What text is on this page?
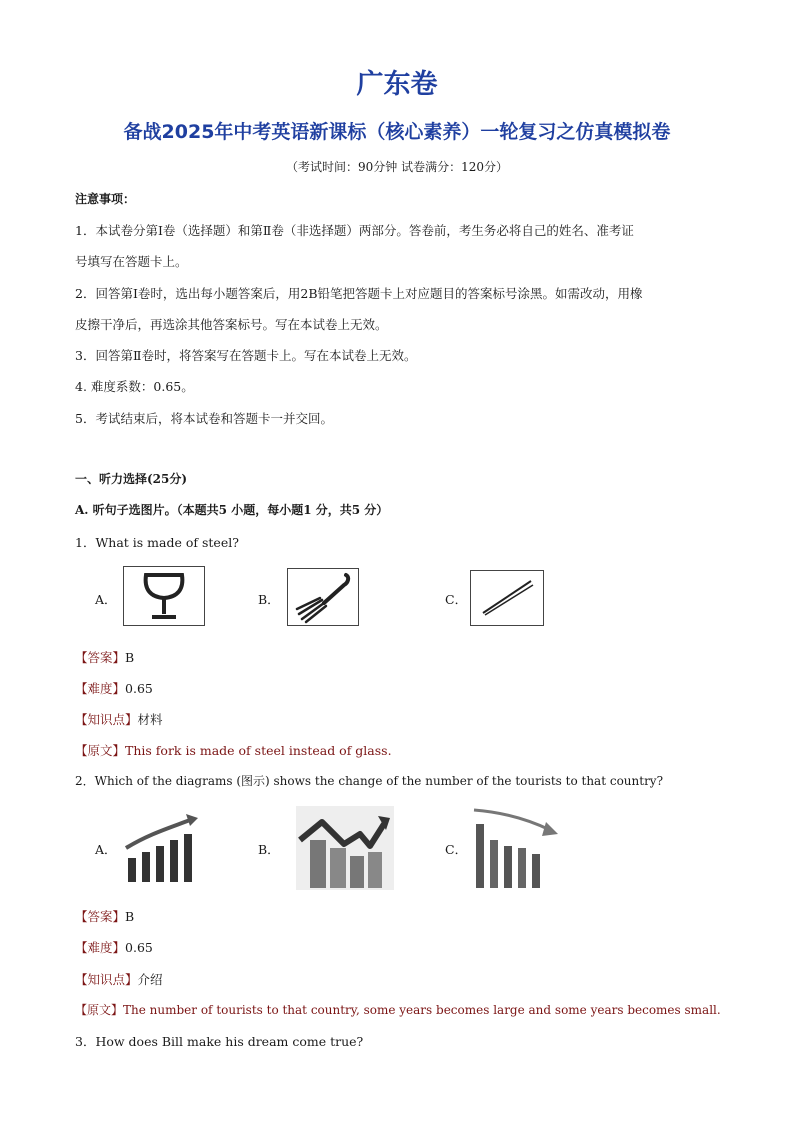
广东卷
备战2025年中考英语新课标（核心素养）一轮复习之仿真模拟卷
（考试时间：90分钟 试卷满分：120分）
注意事项：
1．本试卷分第Ⅰ卷（选择题）和第Ⅱ卷（非选择题）两部分。答卷前，考生务必将自己的姓名、准考证
号填写在答题卡上。
2．回答第Ⅰ卷时，选出每小题答案后，用2B铅笔把答题卡上对应题目的答案标号涂黑。如需改动，用橡
皮擦干净后，再选涂其他答案标号。写在本试卷上无效。
3．回答第Ⅱ卷时，将答案写在答题卡上。写在本试卷上无效。
4. 难度系数：0.65。
5．考试结束后，将本试卷和答题卡一并交回。
一、听力选择(25分)
A. 听句子选图片。（本题共5 小题，每小题1 分，共5 分）
1．What is made of steel?
A．	B．	C．
【答案】B
【难度】0.65
【知识点】材料
【原文】This fork is made of steel instead of glass.
2．Which of the diagrams (图示) shows the change of the number of the tourists to that country?
A．	B．	C．
【答案】B
【难度】0.65
【知识点】介绍
【原文】The number of tourists to that country, some years becomes large and some years becomes small.
3．How does Bill make his dream come true?
